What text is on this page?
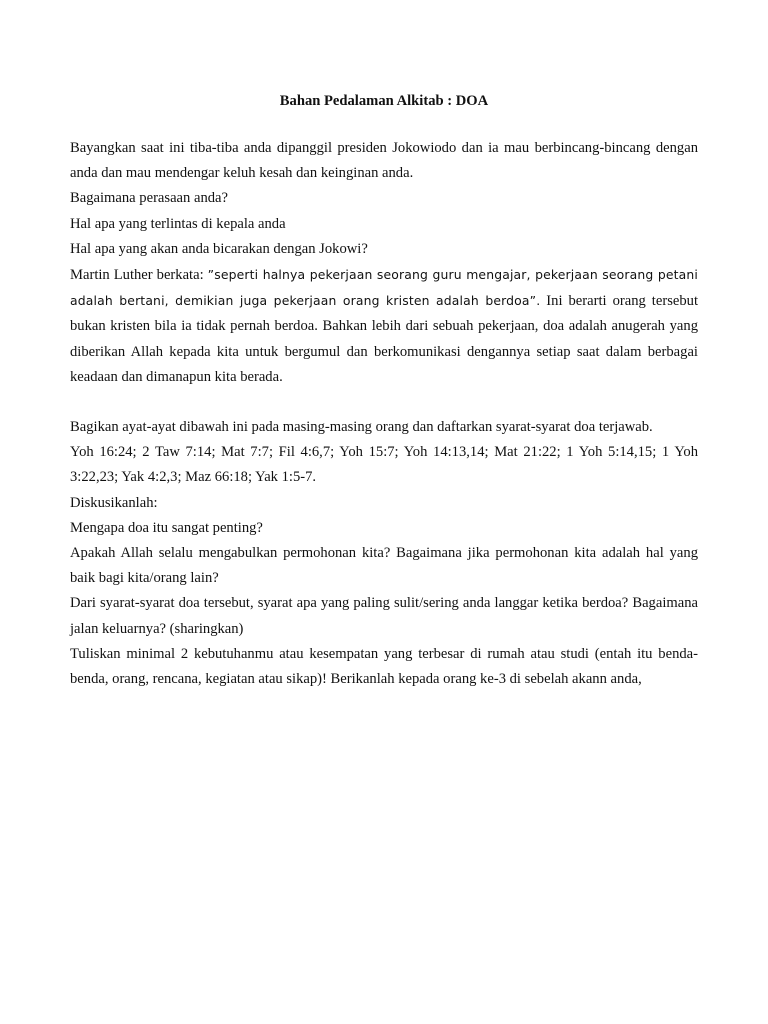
Bahan Pedalaman Alkitab : DOA

Bayangkan saat ini tiba-tiba anda dipanggil presiden Jokowiodo dan ia mau berbincang-bincang dengan anda dan mau mendengar keluh kesah dan keinginan anda.

Bagaimana perasaan anda?

Hal apa yang terlintas di kepala anda

Hal apa yang akan anda bicarakan dengan Jokowi?

Martin Luther berkata: ”seperti halnya pekerjaan seorang guru mengajar, pekerjaan seorang petani adalah bertani, demikian juga pekerjaan orang kristen adalah berdoa”. Ini berarti orang tersebut bukan kristen bila ia tidak pernah berdoa. Bahkan lebih dari sebuah pekerjaan, doa adalah anugerah yang diberikan Allah kepada kita untuk bergumul dan berkomunikasi dengannya setiap saat dalam berbagai keadaan dan dimanapun kita berada.

Bagikan ayat-ayat dibawah ini pada masing-masing orang dan daftarkan syarat-syarat doa terjawab.

Yoh 16:24; 2 Taw 7:14; Mat 7:7; Fil 4:6,7; Yoh 15:7; Yoh 14:13,14; Mat 21:22; 1 Yoh 5:14,15; 1 Yoh 3:22,23; Yak 4:2,3; Maz 66:18; Yak 1:5-7.

Diskusikanlah:

Mengapa doa itu sangat penting?

Apakah Allah selalu mengabulkan permohonan kita? Bagaimana jika permohonan kita adalah hal yang baik bagi kita/orang lain?

Dari syarat-syarat doa tersebut, syarat apa yang paling sulit/sering anda langgar ketika berdoa? Bagaimana jalan keluarnya? (sharingkan)

Tuliskan minimal 2 kebutuhanmu atau kesempatan yang terbesar di rumah atau studi (entah itu benda-benda, orang, rencana, kegiatan atau sikap)! Berikanlah kepada orang ke-3 di sebelah akann anda,
